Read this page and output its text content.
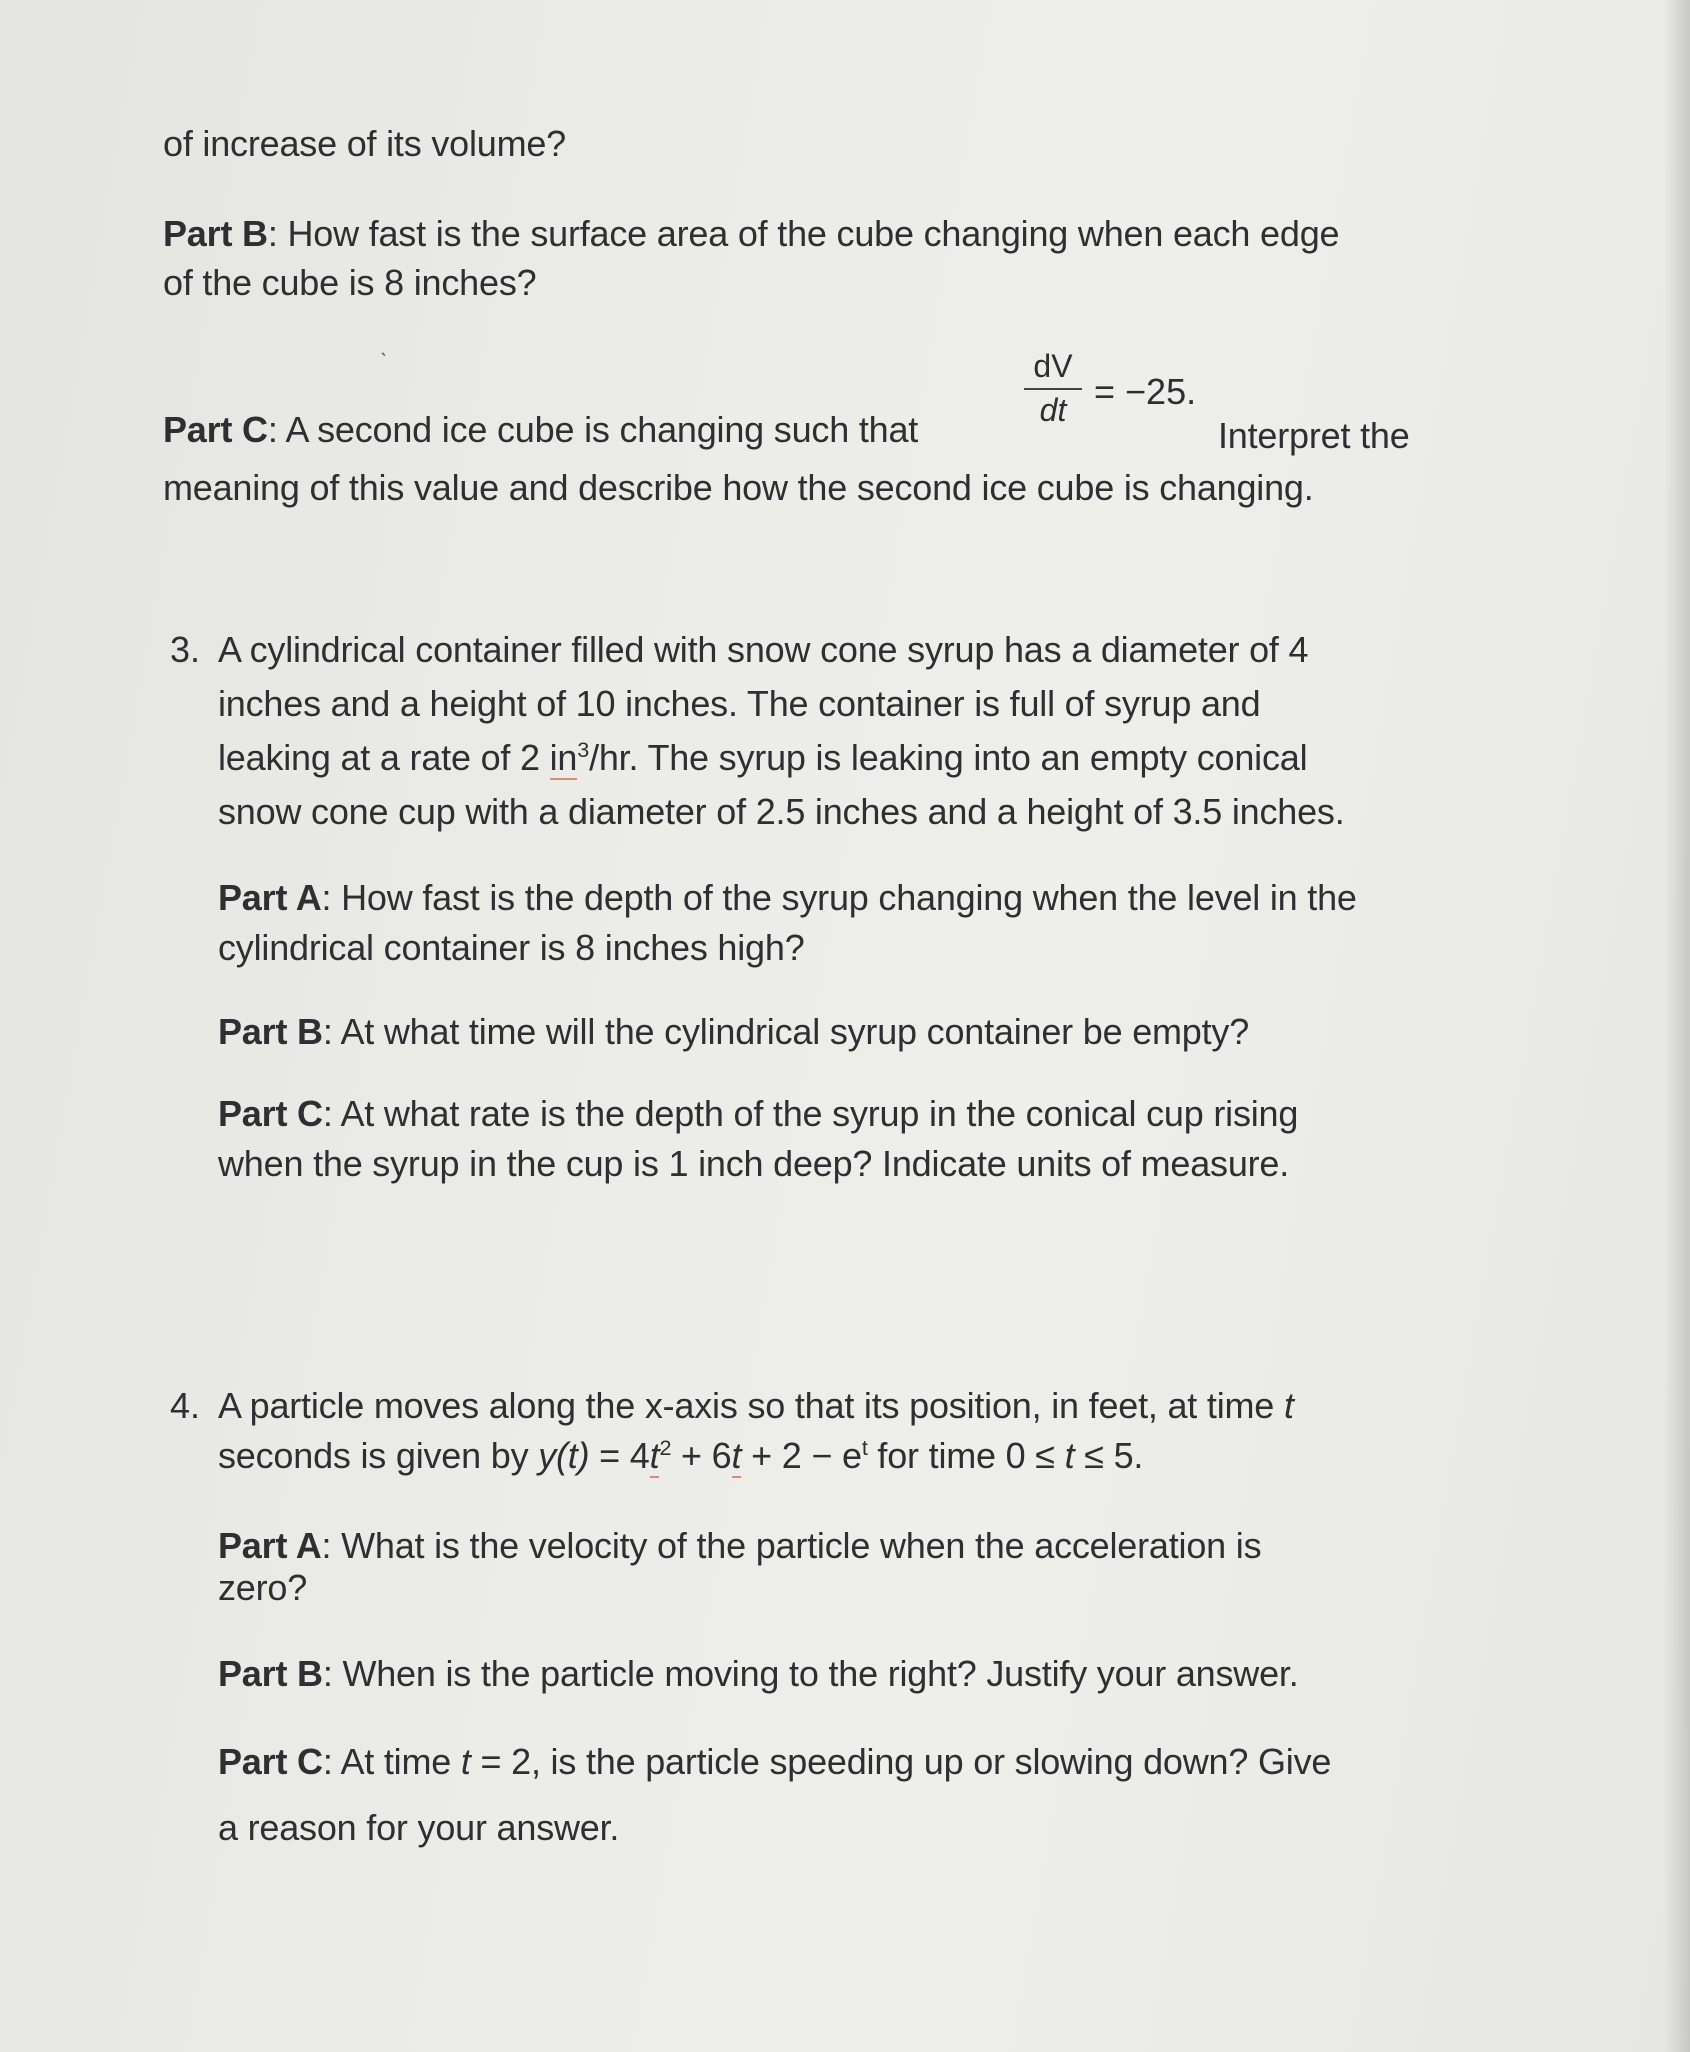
of increase of its volume?
Part B: How fast is the surface area of the cube changing when each edge
of the cube is 8 inches?
Part C: A second ice cube is changing such that	$\frac{dV}{dt} = -25$.
Interpret the
meaning of this value and describe how the second ice cube is changing.
3. A cylindrical container filled with snow cone syrup has a diameter of 4
inches and a height of 10 inches. The container is full of syrup and
leaking at a rate of 2 $in^3/hr$. The syrup is leaking into an empty conical
snow cone cup with a diameter of 2.5 inches and a height of 3.5 inches.
Part A: How fast is the depth of the syrup changing when the level in the
cylindrical container is 8 inches high?
Part B: At what time will the cylindrical syrup container be empty?
Part C: At what rate is the depth of the syrup in the conical cup rising
when the syrup in the cup is 1 inch deep? Indicate units of measure.
4. A particle moves along the x-axis so that its position, in feet, at time t
seconds is given by $y(t) = 4t^2 + 6t + 2 - e^t$ for time 0 ≤ t ≤ 5.
Part A: What is the velocity of the particle when the acceleration is
zero?
Part B: When is the particle moving to the right? Justify your answer.
Part C: At time t = 2, is the particle speeding up or slowing down? Give
a reason for your answer.
ˎ
